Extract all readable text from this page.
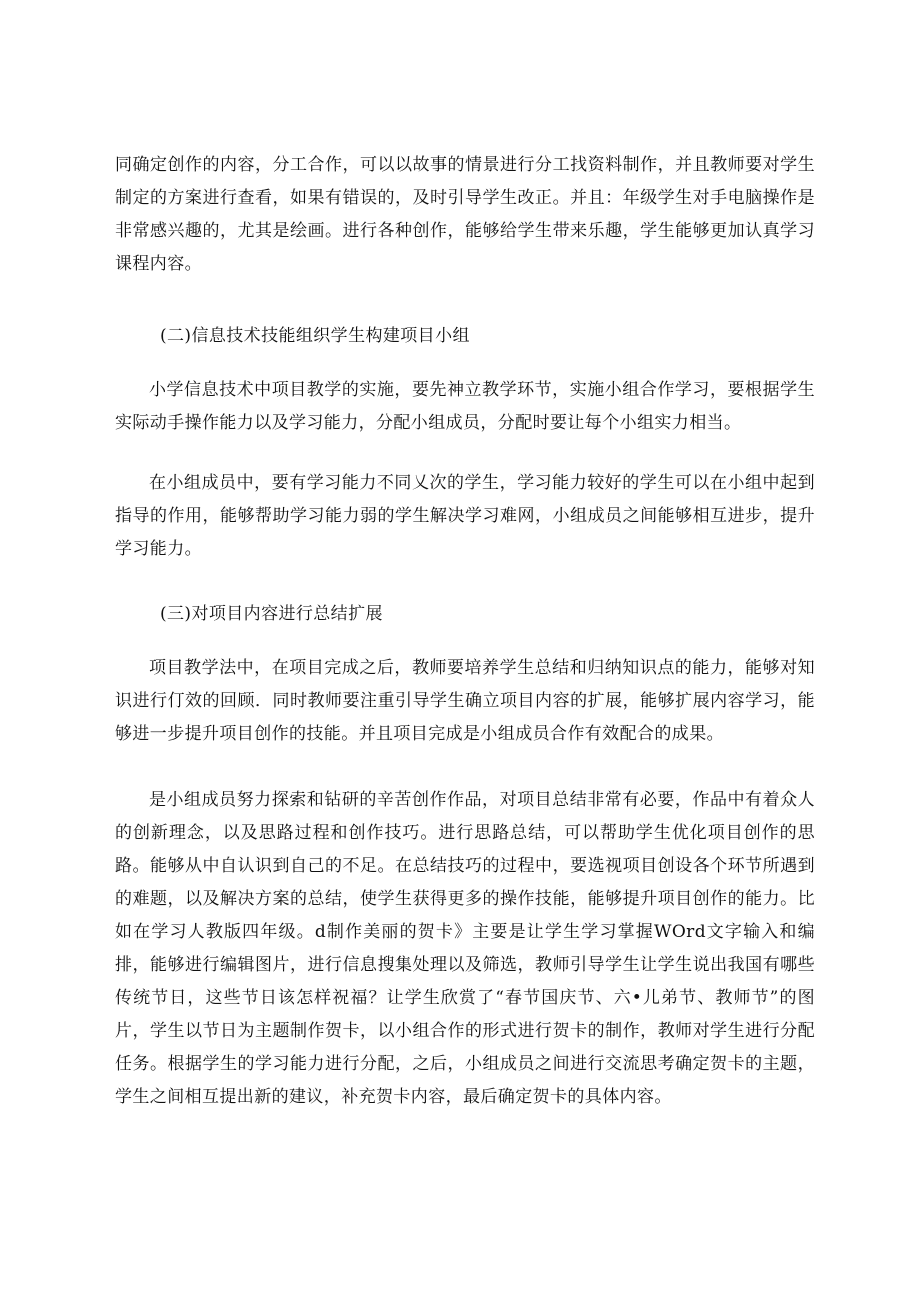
同确定创作的内容，分工合作，可以以故事的情景进行分工找资料制作，并且教师要对学生制定的方案进行查看，如果有错误的，及时引导学生改正。并且：年级学生对手电脑操作是非常感兴趣的，尤其是绘画。进行各种创作，能够给学生带来乐趣，学生能够更加认真学习课程内容。

(二)信息技术技能组织学生构建项目小组

小学信息技术中项目教学的实施，要先神立教学环节，实施小组合作学习，要根据学生实际动手操作能力以及学习能力，分配小组成员，分配时要让每个小组实力相当。

在小组成员中，要有学习能力不同乂次的学生，学习能力较好的学生可以在小组中起到指导的作用，能够帮助学习能力弱的学生解决学习难网，小组成员之间能够相互进步，提升学习能力。

(三)对项目内容进行总结扩展

项目教学法中，在项目完成之后，教师要培养学生总结和归纳知识点的能力，能够对知识进行仃效的回顾．同时教师要注重引导学生确立项目内容的扩展，能够扩展内容学习，能够进一步提升项目创作的技能。并且项目完成是小组成员合作有效配合的成果。

是小组成员努力探索和钻研的辛苦创作作品，对项目总结非常有必要，作品中有着众人的创新理念，以及思路过程和创作技巧。进行思路总结，可以帮助学生优化项目创作的思路。能够从中自认识到自己的不足。在总结技巧的过程中，要选视项目创设各个环节所遇到的难题，以及解决方案的总结，使学生获得更多的操作技能，能够提升项目创作的能力。比如在学习人教版四年级。d制作美丽的贺卡》主要是让学生学习掌握WOrd文字输入和编排，能够进行编辑图片，进行信息搜集处理以及筛选，教师引导学生让学生说出我国有哪些传统节日，这些节日该怎样祝福？让学生欣赏了“春节国庆节、六•儿弟节、教师节”的图片，学生以节日为主题制作贺卡，以小组合作的形式进行贺卡的制作，教师对学生进行分配任务。根据学生的学习能力进行分配，之后，小组成员之间进行交流思考确定贺卡的主题，学生之间相互提出新的建议，补充贺卡内容，最后确定贺卡的具体内容。
